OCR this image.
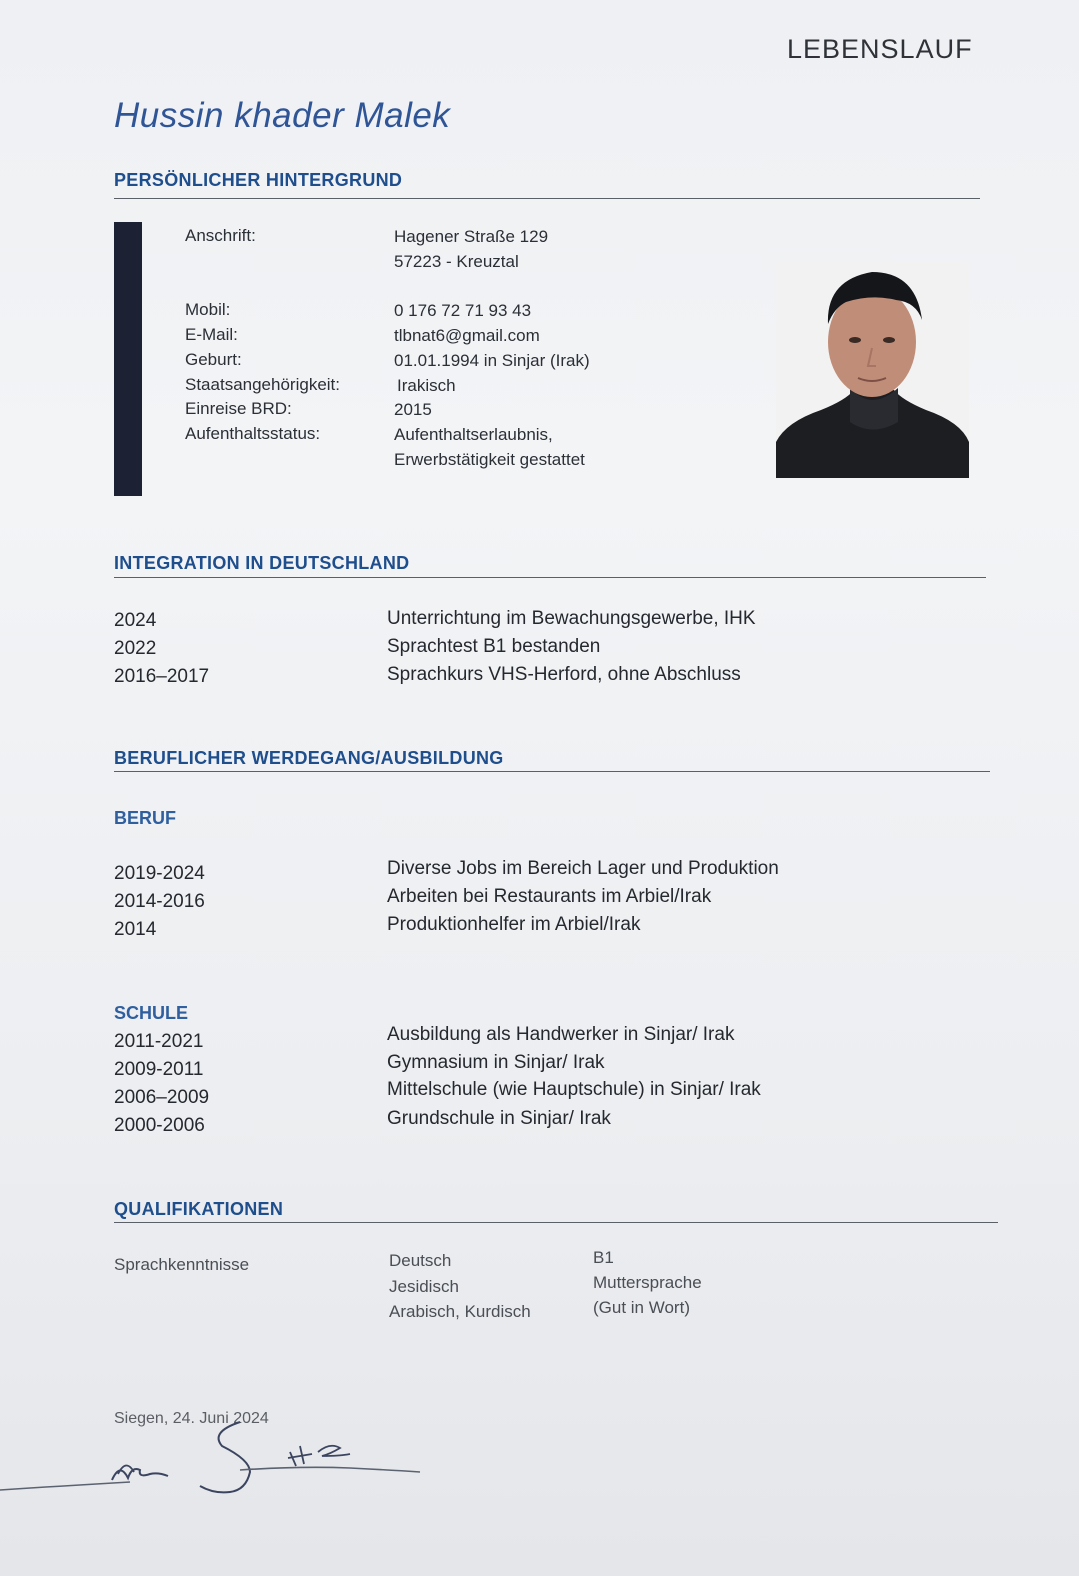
LEBENSLAUF
Hussin khader Malek
PERSÖNLICHER HINTERGRUND
Anschrift:	Hagener Straße 129
57223 - Kreuztal
Mobil:	0 176 72 71 93 43
E-Mail:	tlbnat6@gmail.com
Geburt:	01.01.1994 in Sinjar (Irak)
Staatsangehörigkeit:	Irakisch
Einreise BRD:	2015
Aufenthaltsstatus:	Aufenthaltserlaubnis,
Erwerbstätigkeit gestattet
INTEGRATION IN DEUTSCHLAND
2024	Unterrichtung im Bewachungsgewerbe, IHK
2022	Sprachtest B1 bestanden
2016–2017	Sprachkurs VHS-Herford, ohne Abschluss
BERUFLICHER WERDEGANG/AUSBILDUNG
BERUF
2019-2024	Diverse Jobs im Bereich Lager und Produktion
2014-2016	Arbeiten bei Restaurants im Arbiel/Irak
2014	Produktionhelfer im Arbiel/Irak
SCHULE
2011-2021	Ausbildung als Handwerker in Sinjar/ Irak
2009-2011	Gymnasium in Sinjar/ Irak
2006–2009	Mittelschule (wie Hauptschule) in Sinjar/ Irak
2000-2006	Grundschule in Sinjar/ Irak
QUALIFIKATIONEN
Sprachkenntnisse	Deutsch	B1
Jesidisch	Muttersprache
Arabisch, Kurdisch	(Gut in Wort)
Siegen, 24. Juni 2024
